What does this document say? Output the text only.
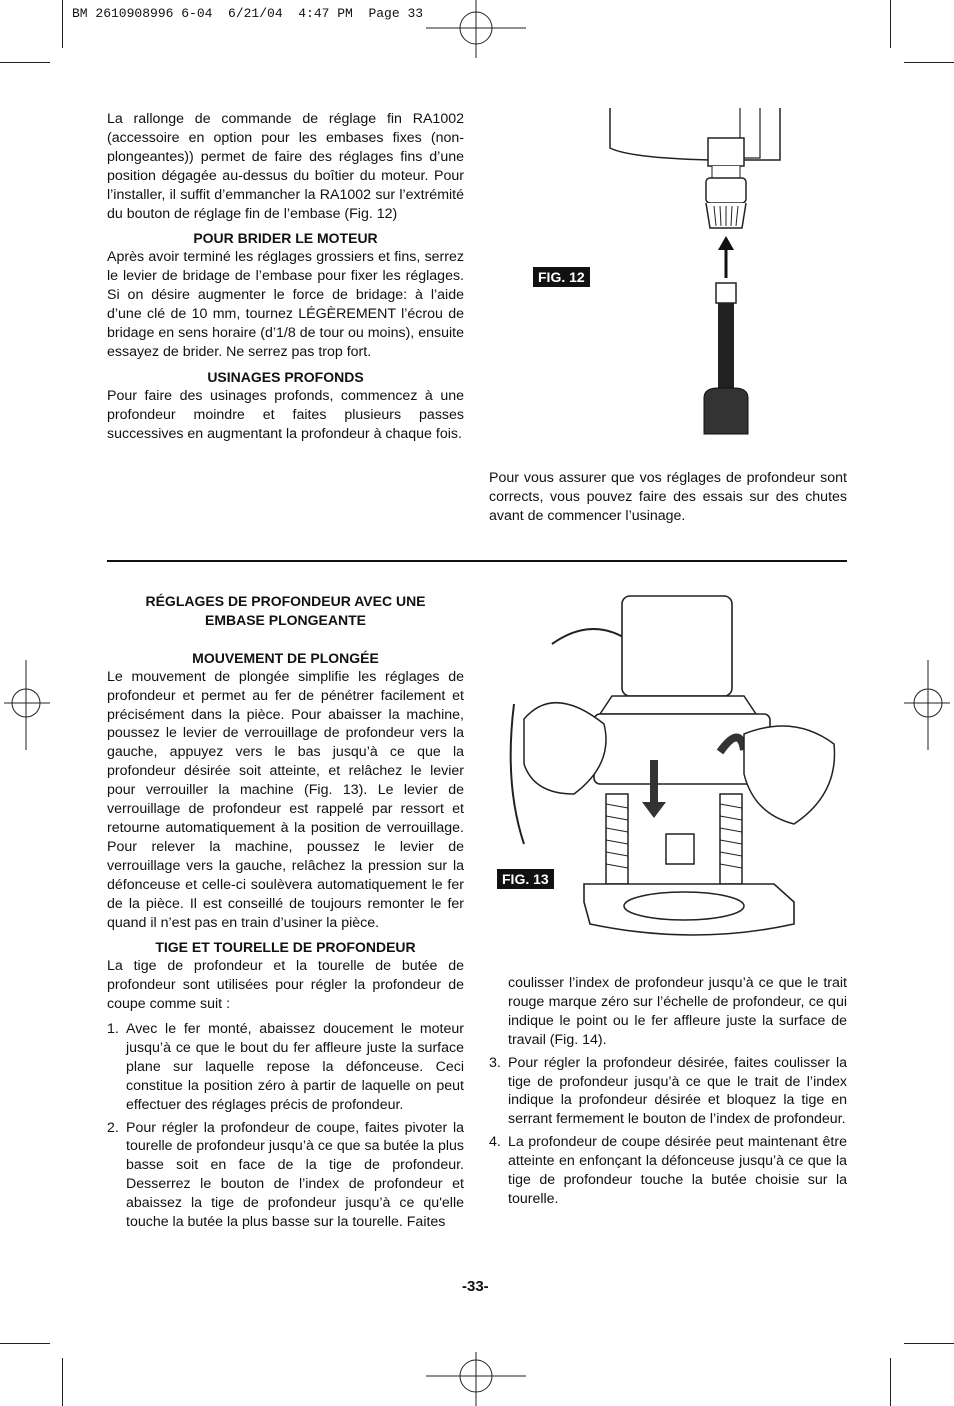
BM 2610908996 6-04  6/21/04  4:47 PM  Page 33

La rallonge de commande de réglage fin RA1002 (accessoire en option pour les embases fixes (non-plongeantes)) permet de faire des réglages fins d’une position dégagée au-dessus du boîtier du moteur. Pour l’installer, il suffit d’emmancher la RA1002 sur l’extrémité du bouton de réglage fin de l’embase (Fig. 12)

POUR BRIDER LE MOTEUR

Après avoir terminé les réglages grossiers et fins, serrez le levier de bridage de l’embase pour fixer les réglages. Si on désire augmenter le force de bridage: à l’aide d’une clé de 10 mm, tournez LÉGÈREMENT l’écrou de bridage en sens horaire (d’1/8 de tour ou moins), ensuite essayez de brider. Ne serrez pas trop fort.

USINAGES PROFONDS

Pour faire des usinages profonds, commencez à une profondeur moindre et faites plusieurs passes successives en augmentant la profondeur à chaque fois.

FIG. 12

Pour vous assurer que vos réglages de profondeur sont corrects, vous pouvez faire des essais sur des chutes avant de commencer l’usinage.

RÉGLAGES DE PROFONDEUR AVEC UNE EMBASE PLONGEANTE
MOUVEMENT DE PLONGÉE

Le mouvement de plongée simplifie les réglages de profondeur et permet au fer de pénétrer facilement et précisément dans la pièce. Pour abaisser la machine, poussez le levier de verrouillage de profondeur vers la gauche, appuyez vers le bas jusqu’à ce que la profondeur désirée soit atteinte, et relâchez le levier pour verrouiller la machine (Fig. 13). Le levier de verrouillage de profondeur est rappelé par ressort et retourne automatiquement à la position de verrouillage. Pour relever la machine, poussez le levier de verrouillage vers la gauche, relâchez la pression sur la défonceuse et celle-ci soulèvera automatiquement le fer de la pièce. Il est conseillé de toujours remonter le fer quand il n’est pas en train d’usiner la pièce.

TIGE ET TOURELLE DE PROFONDEUR

La tige de profondeur et la tourelle de butée de profondeur sont utilisées pour régler la profondeur de coupe comme suit :

1. Avec le fer monté, abaissez doucement le moteur jusqu’à ce que le bout du fer affleure juste la surface plane sur laquelle repose la défonceuse. Ceci constitue la position zéro à partir de laquelle on peut effectuer des réglages précis de profondeur.
2. Pour régler la profondeur de coupe, faites pivoter la tourelle de profondeur jusqu’à ce que sa butée la plus basse soit en face de la tige de profondeur. Desserrez le bouton de l’index de profondeur et abaissez la tige de profondeur jusqu’à ce qu'elle touche la butée la plus basse sur la tourelle. Faites
FIG. 13

coulisser l’index de profondeur jusqu’à ce que le trait rouge marque zéro sur l’échelle de profondeur, ce qui indique le point ou le fer affleure juste la surface de travail (Fig. 14).

3. Pour régler la profondeur désirée, faites coulisser la tige de profondeur jusqu’à ce que le trait de l’index indique la profondeur désirée et bloquez la tige en serrant fermement le bouton de l’index de profondeur.
4. La profondeur de coupe désirée peut maintenant être atteinte en enfonçant la défonceuse jusqu’à ce que la tige de profondeur touche la butée choisie sur la tourelle.
-33-
